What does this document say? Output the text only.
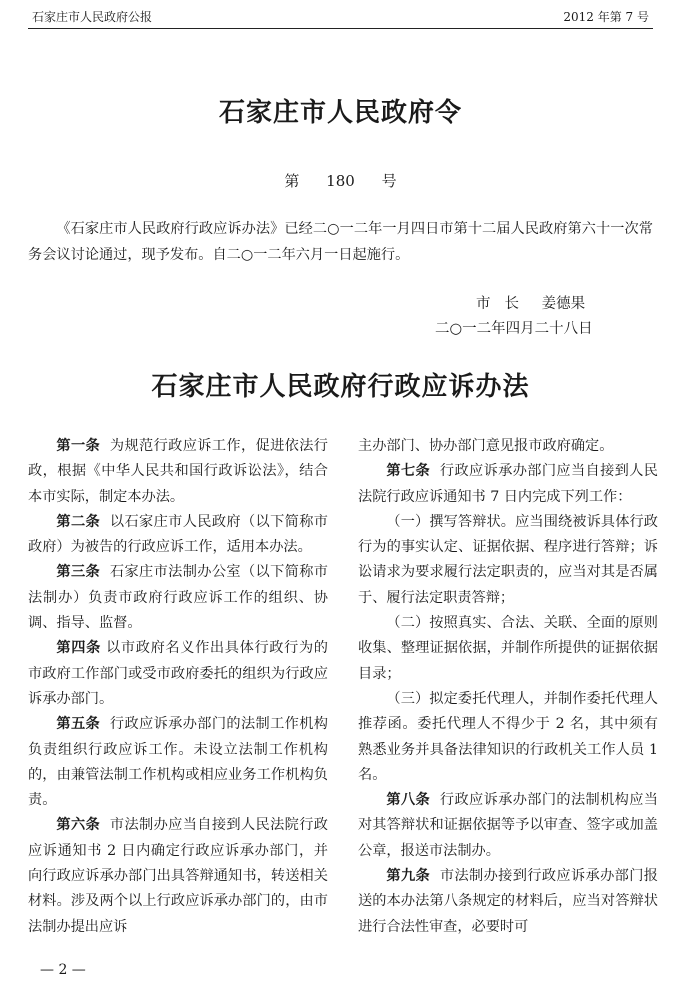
石家庄市人民政府公报	2012 年第 7 号
石家庄市人民政府令
第 180 号
《石家庄市人民政府行政应诉办法》已经二○一二年一月四日市第十二届人民政府第六十一次常务会议讨论通过，现予发布。自二○一二年六月一日起施行。
市长 姜德果
二○一二年四月二十八日
石家庄市人民政府行政应诉办法

第一条 为规范行政应诉工作，促进依法行政，根据《中华人民共和国行政诉讼法》，结合本市实际，制定本办法。

第二条 以石家庄市人民政府（以下简称市政府）为被告的行政应诉工作，适用本办法。

第三条 石家庄市法制办公室（以下简称市法制办）负责市政府行政应诉工作的组织、协调、指导、监督。

第四条 以市政府名义作出具体行政行为的市政府工作部门或受市政府委托的组织为行政应诉承办部门。

第五条 行政应诉承办部门的法制工作机构负责组织行政应诉工作。未设立法制工作机构的，由兼管法制工作机构或相应业务工作机构负责。

第六条 市法制办应当自接到人民法院行政应诉通知书 2 日内确定行政应诉承办部门，并向行政应诉承办部门出具答辩通知书，转送相关材料。涉及两个以上行政应诉承办部门的，由市法制办提出应诉

主办部门、协办部门意见报市政府确定。

第七条 行政应诉承办部门应当自接到人民法院行政应诉通知书 7 日内完成下列工作：

（一）撰写答辩状。应当围绕被诉具体行政行为的事实认定、证据依据、程序进行答辩；诉讼请求为要求履行法定职责的，应当对其是否属于、履行法定职责答辩；

（二）按照真实、合法、关联、全面的原则收集、整理证据依据，并制作所提供的证据依据目录；

（三）拟定委托代理人，并制作委托代理人推荐函。委托代理人不得少于 2 名，其中须有熟悉业务并具备法律知识的行政机关工作人员 1 名。

第八条 行政应诉承办部门的法制机构应当对其答辩状和证据依据等予以审查、签字或加盖公章，报送市法制办。

第九条 市法制办接到行政应诉承办部门报送的本办法第八条规定的材料后，应当对答辩状进行合法性审查，必要时可

— 2 —
